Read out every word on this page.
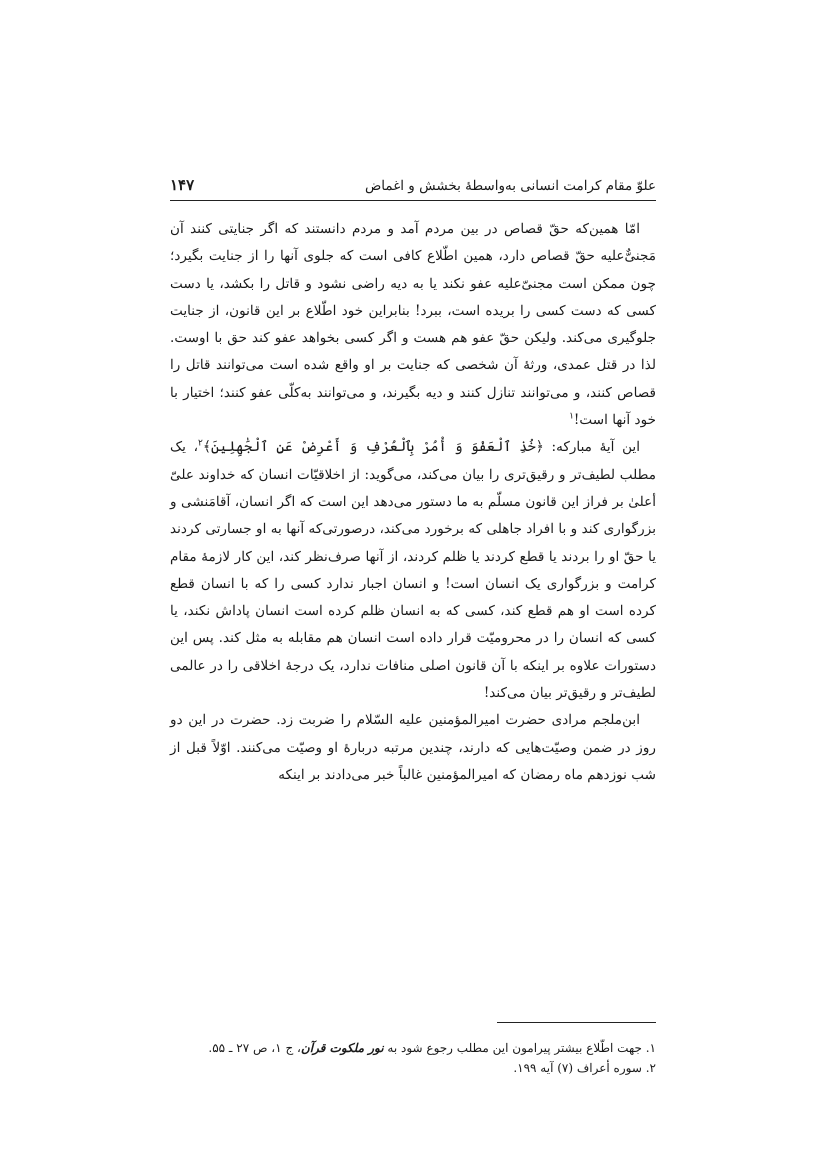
علوّ مقام کرامت انسانی به‌واسطهٔ بخشش و اغماض
۱۴۷

امّا همین‌که حقّ قصاص در بین مردم آمد و مردم دانستند که اگر جنایتی کنند آن مَجنیٌّ‌علیه حقّ قصاص دارد، همین اطّلاع کافی است که جلوی آنها را از جنایت بگیرد؛ چون ممکن است مجنیّ‌علیه عفو نکند یا به دیه راضی نشود و قاتل را بکشد، یا دست کسی که دست کسی را بریده است، ببرد! بنابراین خود اطّلاع بر این قانون، از جنایت جلوگیری می‌کند. ولیکن حقّ عفو هم هست و اگر کسی بخواهد عفو کند حق با اوست. لذا در قتل عمدی، ورثهٔ آن شخصی که جنایت بر او واقع شده است می‌توانند قاتل را قصاص کنند، و می‌توانند تنازل کنند و دیه بگیرند، و می‌توانند به‌کلّی عفو کنند؛ اختیار با خود آنها است!$^۱$

این آیهٔ مبارکه: ﴿خُذِ ٱلْعَفْوَ وَ أْمُرْ بِٱلْعُرْفِ وَ أَعْرِضْ عَنِ ٱلْجَٰهِلِينَ﴾$^۲$، یک مطلب لطیف‌تر و رقیق‌تری را بیان می‌کند، می‌گوید: از اخلاقیّات انسان که خداوند علیّ أعلیٰ بر فراز این قانون مسلّم به ما دستور می‌دهد این است که اگر انسان، آقامَنشی و بزرگواری کند و با افراد جاهلی که برخورد می‌کند، درصورتی‌که آنها به او جسارتی کردند یا حقّ او را بردند یا قطع کردند یا ظلم کردند، از آنها صرف‌نظر کند، این کار لازمهٔ مقام کرامت و بزرگواری یک انسان است! و انسان اجبار ندارد کسی را که با انسان قطع کرده است او هم قطع کند، کسی که به انسان ظلم کرده است انسان پاداش نکند، یا کسی که انسان را در محرومیّت قرار داده است انسان هم مقابله به مثل کند. پس این دستورات علاوه بر اینکه با آن قانون اصلی منافات ندارد، یک درجهٔ اخلاقی را در عالمی لطیف‌تر و رقیق‌تر بیان می‌کند!

ابن‌ملجم مرادی حضرت امیرالمؤمنین علیه السّلام را ضربت زد. حضرت در این دو روز در ضمن وصیّت‌هایی که دارند، چندین مرتبه دربارهٔ او وصیّت می‌کنند. اوّلاً قبل از شب نوزدهم ماه رمضان که امیرالمؤمنین غالباً خبر می‌دادند بر اینکه

۱. جهت اطّلاع بیشتر پیرامون این مطلب رجوع شود به نور ملکوت قرآن، ج ۱، ص ۲۷ ـ ۵۵.
۲. سوره أعراف (۷) آیه ۱۹۹.
